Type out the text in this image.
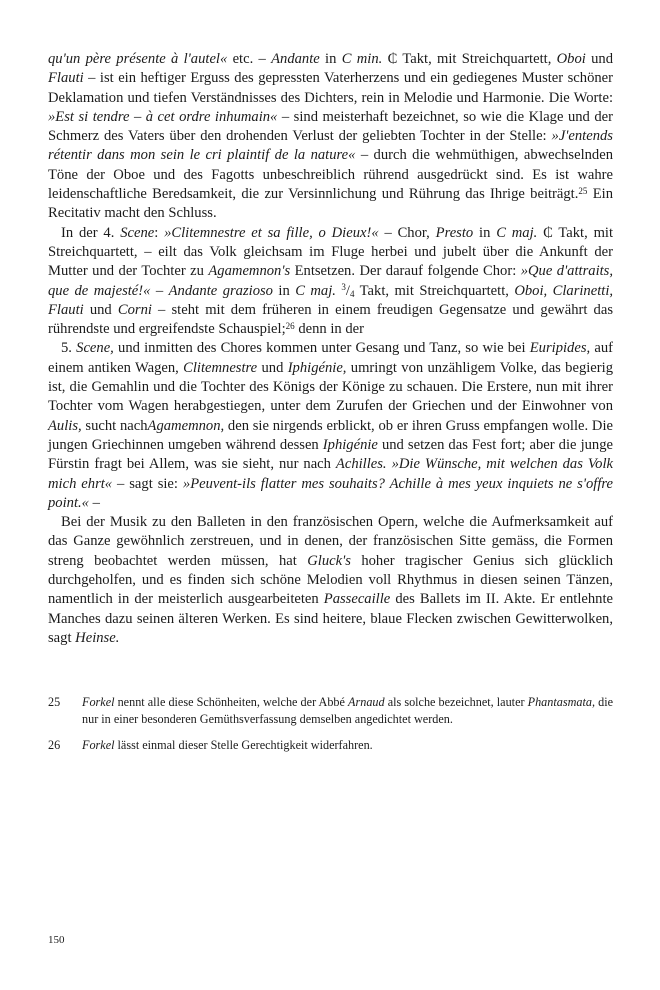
qu'un père présente à l'autel« etc. – Andante in C min. ₵ Takt, mit Streichquartett, Oboi und Flauti – ist ein heftiger Erguss des gepressten Vaterherzens und ein gediegenes Muster schöner Deklamation und tiefen Verständnisses des Dichters, rein in Melodie und Harmonie. Die Worte: »Est si tendre – à cet ordre inhumain« – sind meisterhaft bezeichnet, so wie die Klage und der Schmerz des Vaters über den drohenden Verlust der geliebten Tochter in der Stelle: »J'entends rétentir dans mon sein le cri plaintif de la nature« – durch die wehmüthigen, abwechselnden Töne der Oboe und des Fagotts unbeschreiblich rührend ausgedrückt sind. Es ist wahre leidenschaftliche Beredsamkeit, die zur Versinnlichung und Rührung das Ihrige beiträgt.$^{25}$ Ein Recitativ macht den Schluss.

In der 4. Scene: »Clitemnestre et sa fille, o Dieux!« – Chor, Presto in C maj. ₵ Takt, mit Streichquartett, – eilt das Volk gleichsam im Fluge herbei und jubelt über die Ankunft der Mutter und der Tochter zu Agamemnon's Entsetzen. Der darauf folgende Chor: »Que d'attraits, que de majesté!« – Andante grazioso in C maj. $^3/_4$ Takt, mit Streichquartett, Oboi, Clarinetti, Flauti und Corni – steht mit dem früheren in einem freudigen Gegensatze und gewährt das rührendste und ergreifendste Schauspiel;$^{26}$ denn in der

5. Scene, und inmitten des Chores kommen unter Gesang und Tanz, so wie bei Euripides, auf einem antiken Wagen, Clitemnestre und Iphigénie, umringt von unzähligem Volke, das begierig ist, die Gemahlin und die Tochter des Königs der Könige zu schauen. Die Erstere, nun mit ihrer Tochter vom Wagen herabgestiegen, unter dem Zurufen der Griechen und der Einwohner von Aulis, sucht nachAgamemnon, den sie nirgends erblickt, ob er ihren Gruss empfangen wolle. Die jungen Griechinnen umgeben während dessen Iphigénie und setzen das Fest fort; aber die junge Fürstin fragt bei Allem, was sie sieht, nur nach Achilles. »Die Wünsche, mit welchen das Volk mich ehrt« – sagt sie: »Peuvent-ils flatter mes souhaits? Achille à mes yeux inquiets ne s'offre point.« –

Bei der Musik zu den Balleten in den französischen Opern, welche die Aufmerksamkeit auf das Ganze gewöhnlich zerstreuen, und in denen, der französischen Sitte gemäss, die Formen streng beobachtet werden müssen, hat Gluck's hoher tragischer Genius sich glücklich durchgeholfen, und es finden sich schöne Melodien voll Rhythmus in diesen seinen Tänzen, namentlich in der meisterlich ausgearbeiteten Passecaille des Ballets im II. Akte. Er entlehnte Manches dazu seinen älteren Werken. Es sind heitere, blaue Flecken zwischen Gewitterwolken, sagt Heinse.

25	Forkel nennt alle diese Schönheiten, welche der Abbé Arnaud als solche bezeichnet, lauter Phantasmata, die nur in einer besonderen Gemüthsverfassung demselben angedichtet werden.
26	Forkel lässt einmal dieser Stelle Gerechtigkeit widerfahren.
150
